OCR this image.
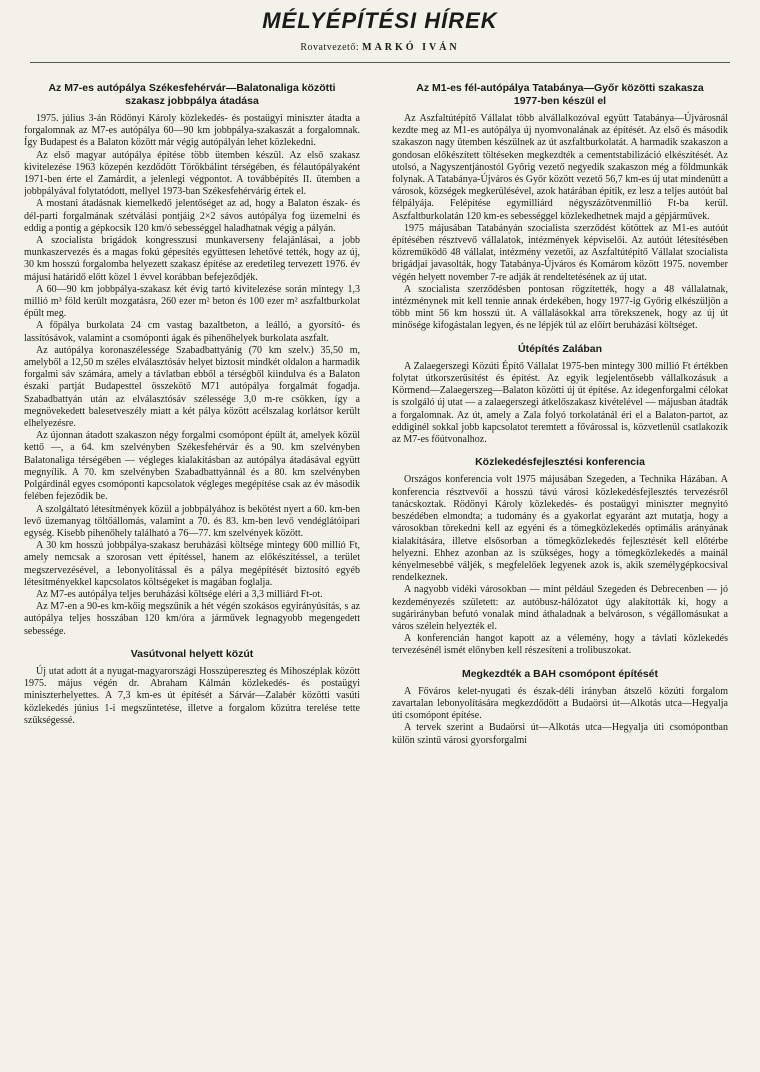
MÉLYÉPÍTÉSI HÍREK
Rovatvezető: MARKÓ IVÁN
Az M7-es autópálya Székesfehérvár—Balatonaliga közötti szakasz jobbpálya átadása

1975. július 3-án Rödönyi Károly közlekedés- és postaügyi miniszter átadta a forgalomnak az M7-es autópálya 60—90 km jobbpálya-szakaszát a forgalomnak. Így Budapest és a Balaton között már végig autópályán lehet közlekedni.

Az első magyar autópálya építése több ütemben készül. Az első szakasz kivitelezése 1963 közepén kezdődött Törökbálint térségében, és félautópályaként 1971-ben érte el Zamárdit, a jelenlegi végpontot. A továbbépítés II. ütemben a jobbpályával folytatódott, mellyel 1973-ban Székesfehérvárig értek el.

A mostani átadásnak kiemelkedő jelentőséget az ad, hogy a Balaton észak- és dél-parti forgalmának szétválási pontjáig 2×2 sávos autópálya fog üzemelni és eddig a pontig a gépkocsik 120 km/ó sebességgel haladhatnak végig a pályán.

A szocialista brigádok kongresszusi munkaverseny felajánlásai, a jobb munkaszervezés és a magas fokú gépesítés együttesen lehetővé tették, hogy az új, 30 km hosszú forgalomba helyezett szakasz építése az eredetileg tervezett 1976. év májusi határidő előtt közel 1 évvel korábban befejeződjék.

A 60—90 km jobbpálya-szakasz két évig tartó kivitelezése során mintegy 1,3 millió m³ föld került mozgatásra, 260 ezer m² beton és 100 ezer m² aszfaltburkolat épült meg.

A főpálya burkolata 24 cm vastag bazaltbeton, a leálló, a gyorsító- és lassítósávok, valamint a csomóponti ágak és pihenőhelyek burkolata aszfalt.

Az autópálya koronaszélessége Szabadbattyánig (70 km szelv.) 35,50 m, amelyből a 12,50 m széles elválasztósáv helyet biztosít mindkét oldalon a harmadik forgalmi sáv számára, amely a távlatban ebből a térségből kiindulva és a Balaton északi partját Budapesttel összekötő M71 autópálya forgalmát fogadja. Szabadbattyán után az elválasztósáv szélessége 3,0 m-re csökken, így a megnövekedett balesetveszély miatt a két pálya között acélszalag korlátsor került elhelyezésre.

Az újonnan átadott szakaszon négy forgalmi csomópont épült át, amelyek közül kettő —, a 64. km szelvényben Székesfehérvár és a 90. km szelvényben Balatonaliga térségében — végleges kialakításban az autópálya átadásával együtt megnyílik. A 70. km szelvényben Szabadbattyánnál és a 80. km szelvényben Polgárdinál egyes csomóponti kapcsolatok végleges megépítése csak az év második felében fejeződik be.

A szolgáltató létesítmények közül a jobbpályához is bekötést nyert a 60. km-ben levő üzemanyag töltőállomás, valamint a 70. és 83. km-ben levő vendéglátóipari egység. Kisebb pihenőhely található a 76—77. km szelvények között.

A 30 km hosszú jobbpálya-szakasz beruházási költsége mintegy 600 millió Ft, amely nemcsak a szorosan vett építéssel, hanem az előkészítéssel, a terület megszervezésével, a lebonyolítással és a pálya megépítését biztosító egyéb létesítményekkel kapcsolatos költségeket is magában foglalja.

Az M7-es autópálya teljes beruházási költsége eléri a 3,3 milliárd Ft-ot.

Az M7-en a 90-es km-kőig megszűnik a hét végén szokásos egyirányúsítás, s az autópálya teljes hosszában 120 km/óra a járművek legnagyobb megengedett sebessége.

Vasútvonal helyett közút

Új utat adott át a nyugat-magyarországi Hosszúpereszteg és Mihoszéplak között 1975. május végén dr. Abraham Kálmán közlekedés- és postaügyi miniszterhelyettes. A 7,3 km-es út építését a Sárvár—Zalabér közötti vasúti közlekedés június 1-i megszüntetése, illetve a forgalom közútra terelése tette szükségessé.

Az M1-es fél-autópálya Tatabánya—Győr közötti szakasza 1977-ben készül el

Az Aszfaltútépítő Vállalat több alvállalkozóval együtt Tatabánya—Újvárosnál kezdte meg az M1-es autópálya új nyomvonalának az építését. Az első és második szakaszon nagy ütemben készülnek az út aszfaltburkolatát. A harmadik szakaszon a gondosan előkészített töltéseken megkezdték a cementstabilizáció elkészítését. Az utolsó, a Nagyszentjánostól Győrig vezető negyedik szakaszon még a földmunkák folynak. A Tatabánya-Újváros és Győr között vezető 56,7 km-es új utat mindenütt a városok, községek megkerülésével, azok határában építik, ez lesz a teljes autóút bal félpályája. Felépítése egymilliárd négyszázötvenmillió Ft-ba kerül. Aszfaltburkolatán 120 km-es sebességgel közlekedhetnek majd a gépjárművek.

1975 májusában Tatabányán szocialista szerződést kötöttek az M1-es autóút építésében résztvevő vállalatok, intézmények képviselői. Az autóút létesítésében közreműködő 48 vállalat, intézmény vezetői, az Aszfaltútépítő Vállalat szocialista brigádjai javasolták, hogy Tatabánya-Újváros és Komárom között 1975. november végén helyett november 7-re adják át rendeltetésének az új utat.

A szocialista szerződésben pontosan rögzítették, hogy a 48 vállalatnak, intézménynek mit kell tennie annak érdekében, hogy 1977-ig Győrig elkészüljön a több mint 56 km hosszú út. A vállalásokkal arra törekszenek, hogy az új út minősége kifogástalan legyen, és ne lépjék túl az előírt beruházási költséget.

Útépítés Zalában

A Zalaegerszegi Közúti Építő Vállalat 1975-ben mintegy 300 millió Ft értékben folytat útkorszerűsítést és építést. Az egyik legjelentősebb vállalkozásuk a Körmend—Zalaegerszeg—Balaton közötti új út építése. Az idegenforgalmi célokat is szolgáló új utat — a zalaegerszegi átkelőszakasz kivételével — májusban átadták a forgalomnak. Az út, amely a Zala folyó torkolatánál éri el a Balaton-partot, az eddiginél sokkal jobb kapcsolatot teremtett a fővárossal is, közvetlenül csatlakozik az M7-es főútvonalhoz.

Közlekedésfejlesztési konferencia

Országos konferencia volt 1975 májusában Szegeden, a Technika Házában. A konferencia résztvevői a hosszú távú városi közlekedésfejlesztés tervezésről tanácskoztak. Rödönyi Károly közlekedés- és postaügyi miniszter megnyitó beszédében elmondta; a tudomány és a gyakorlat egyaránt azt mutatja, hogy a városokban törekedni kell az egyéni és a tömegközlekedés optimális arányának kialakítására, illetve elsősorban a tömegközlekedés fejlesztését kell előtérbe helyezni. Ehhez azonban az is szükséges, hogy a tömegközlekedés a mainál kényelmesebbé váljék, s megfelelőek legyenek azok is, akik személygépkocsival rendelkeznek.

A nagyobb vidéki városokban — mint például Szegeden és Debrecenben — jó kezdeményezés született: az autóbusz-hálózatot úgy alakították ki, hogy a sugárirányban befutó vonalak mind áthaladnak a belvároson, s végállomásukat a város szélein helyezték el.

A konferencián hangot kapott az a vélemény, hogy a távlati közlekedés tervezésénél ismét előnyben kell részesíteni a trolibuszokat.

Megkezdték a BAH csomópont építését

A Főváros kelet-nyugati és észak-déli irányban átszelő közúti forgalom zavartalan lebonyolítására megkezdődött a Budaörsi út—Alkotás utca—Hegyalja úti csomópont építése.

A tervek szerint a Budaörsi út—Alkotás utca—Hegyalja úti csomópontban külön szintű városi gyorsforgalmi
